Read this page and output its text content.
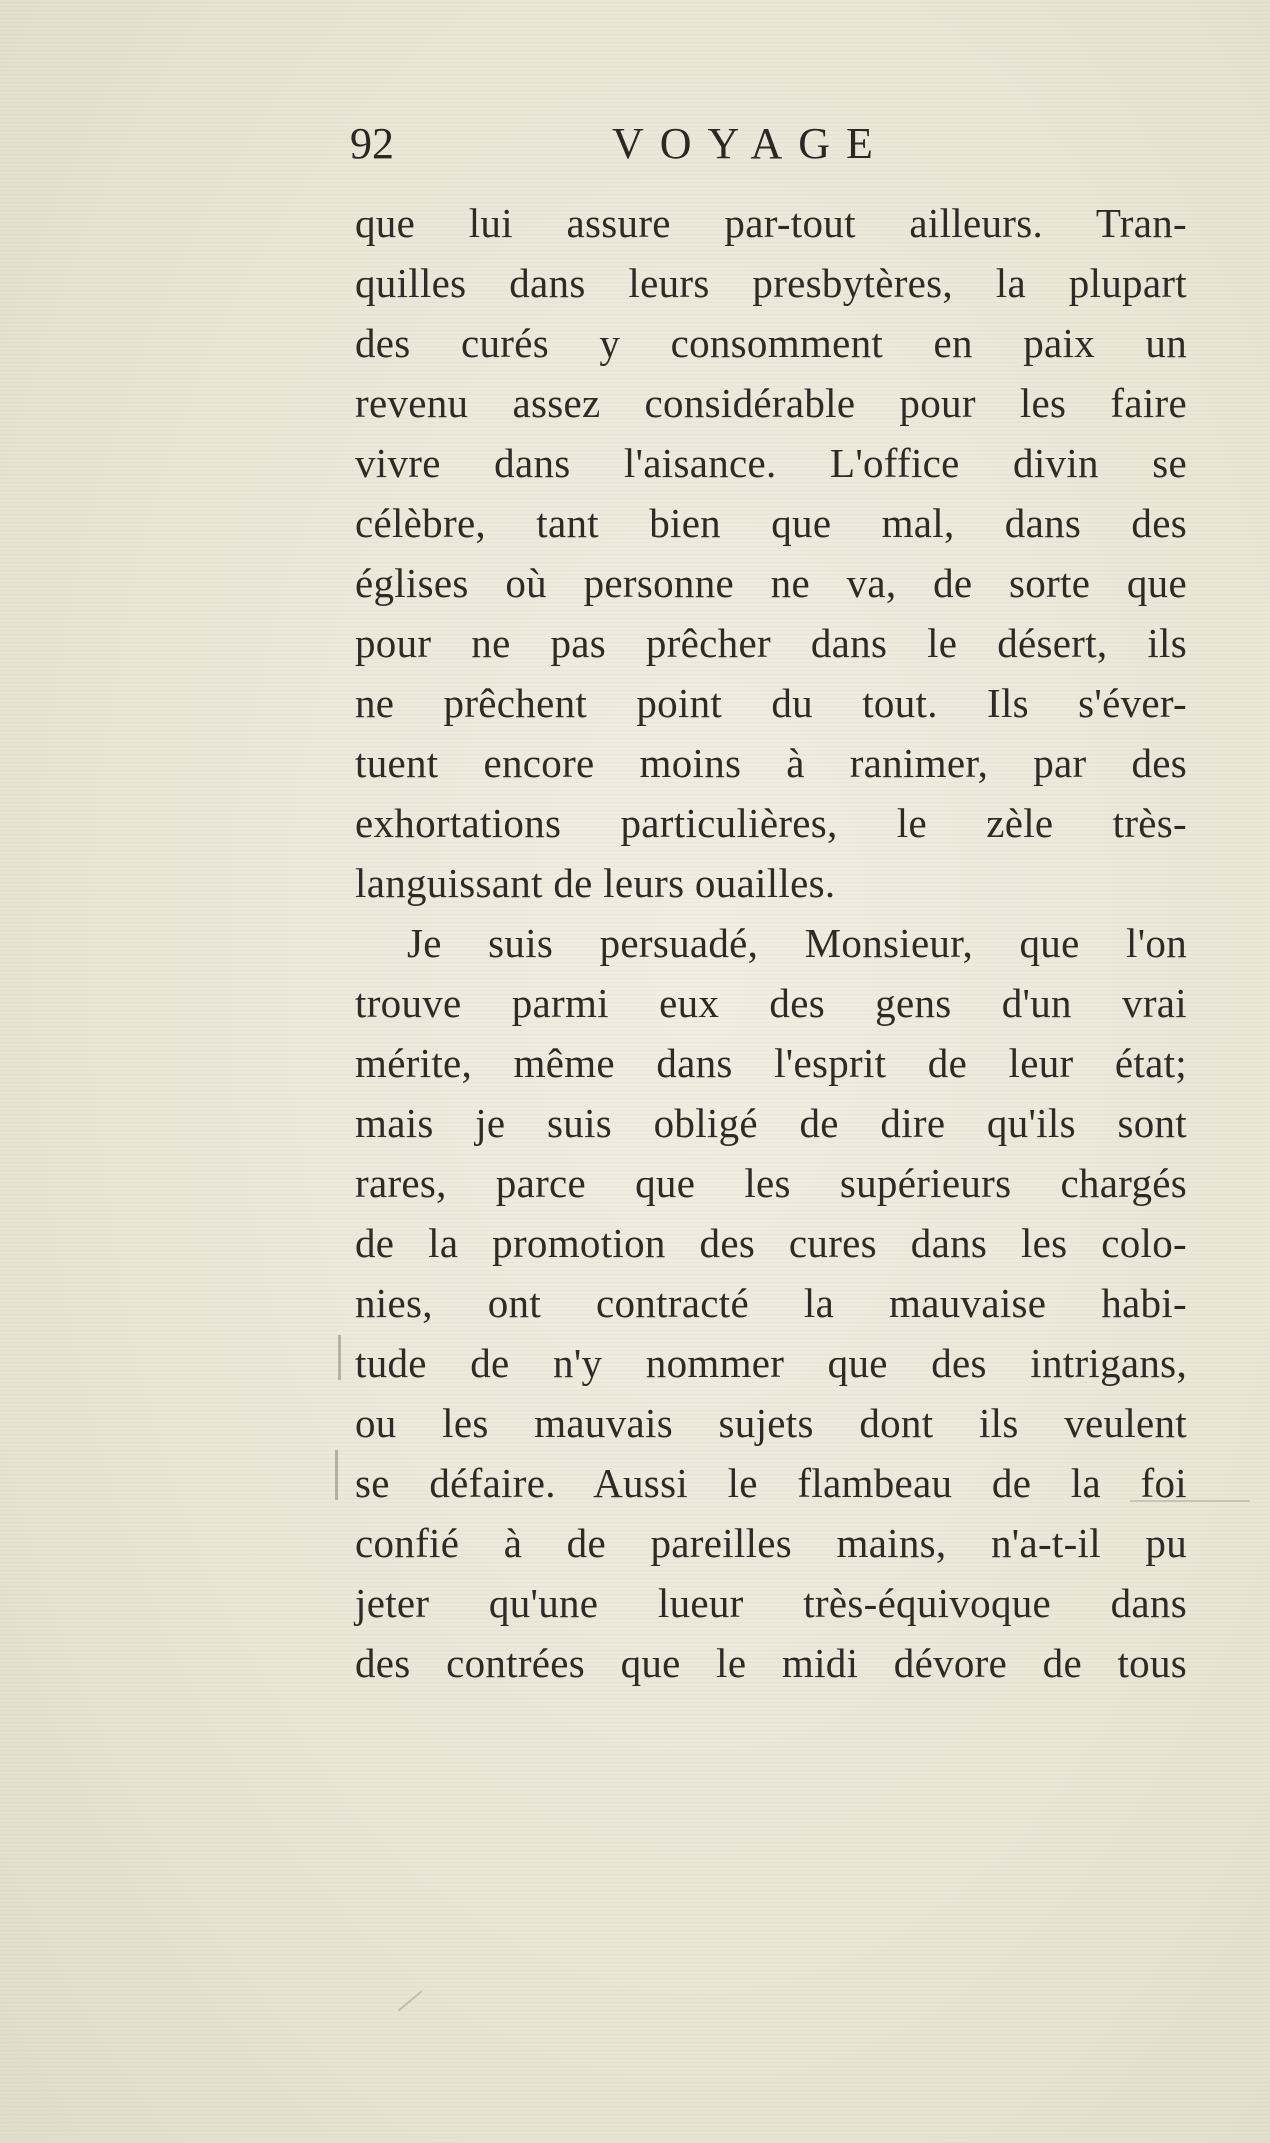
92	VOYAGE
que lui assure par-tout ailleurs. Tran-
quilles dans leurs presbytères, la plupart
des curés y consomment en paix un
revenu assez considérable pour les faire
vivre dans l'aisance. L'office divin se
célèbre, tant bien que mal, dans des
églises où personne ne va, de sorte que
pour ne pas prêcher dans le désert, ils
ne prêchent point du tout. Ils s'éver-
tuent encore moins à ranimer, par des
exhortations particulières, le zèle très-
languissant de leurs ouailles.
Je suis persuadé, Monsieur, que l'on
trouve parmi eux des gens d'un vrai
mérite, même dans l'esprit de leur état;
mais je suis obligé de dire qu'ils sont
rares, parce que les supérieurs chargés
de la promotion des cures dans les colo-
nies, ont contracté la mauvaise habi-
tude de n'y nommer que des intrigans,
ou les mauvais sujets dont ils veulent
se défaire. Aussi le flambeau de la foi
confié à de pareilles mains, n'a-t-il pu
jeter qu'une lueur très-équivoque dans
des contrées que le midi dévore de tous
